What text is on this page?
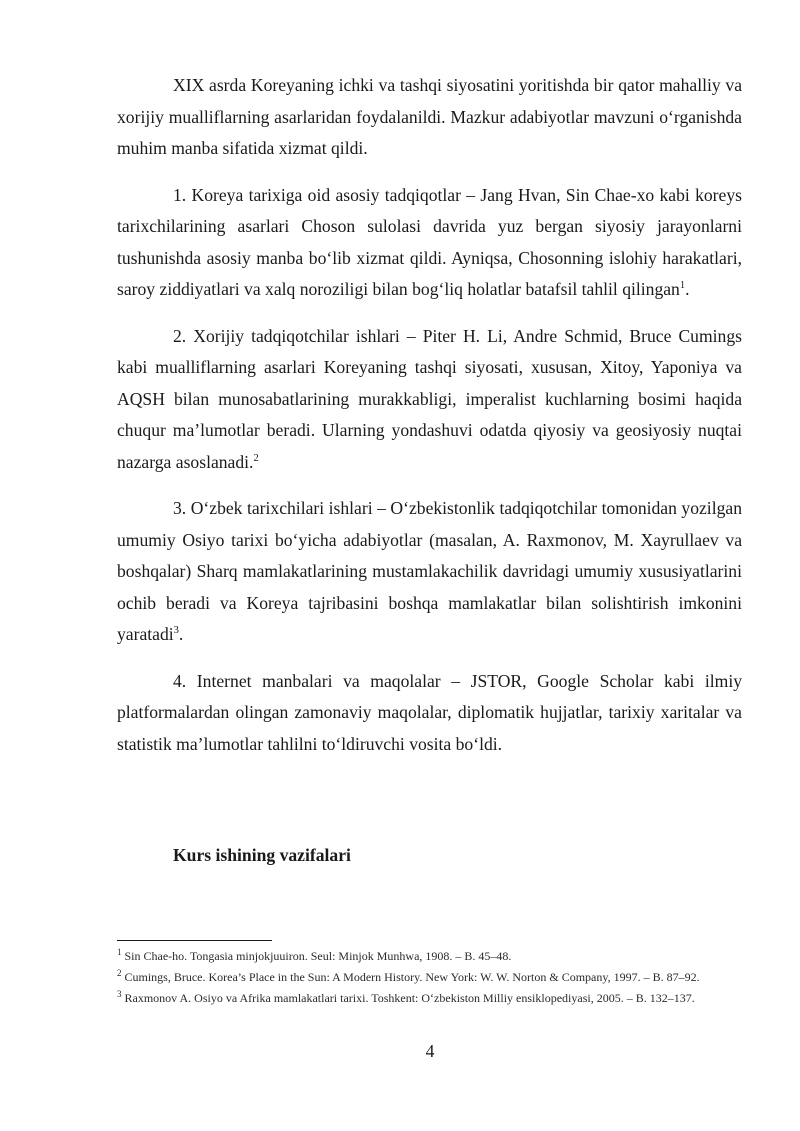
XIX asrda Koreyaning ichki va tashqi siyosatini yoritishda bir qator mahalliy va xorijiy mualliflarning asarlaridan foydalanildi. Mazkur adabiyotlar mavzuni o‘rganishda muhim manba sifatida xizmat qildi.

1. Koreya tarixiga oid asosiy tadqiqotlar – Jang Hvan, Sin Chae-xo kabi koreys tarixchilarining asarlari Choson sulolasi davrida yuz bergan siyosiy jarayonlarni tushunishda asosiy manba bo‘lib xizmat qildi. Ayniqsa, Chosonning islohiy harakatlari, saroy ziddiyatlari va xalq noroziligi bilan bog‘liq holatlar batafsil tahlil qilingan$^1$.

2. Xorijiy tadqiqotchilar ishlari – Piter H. Li, Andre Schmid, Bruce Cumings kabi mualliflarning asarlari Koreyaning tashqi siyosati, xususan, Xitoy, Yaponiya va AQSH bilan munosabatlarining murakkabligi, imperalist kuchlarning bosimi haqida chuqur ma’lumotlar beradi. Ularning yondashuvi odatda qiyosiy va geosiyosiy nuqtai nazarga asoslanadi.$^2$

3. O‘zbek tarixchilari ishlari – O‘zbekistonlik tadqiqotchilar tomonidan yozilgan umumiy Osiyo tarixi bo‘yicha adabiyotlar (masalan, A. Raxmonov, M. Xayrullaev va boshqalar) Sharq mamlakatlarining mustamlakachilik davridagi umumiy xususiyatlarini ochib beradi va Koreya tajribasini boshqa mamlakatlar bilan solishtirish imkonini yaratadi$^3$.

4. Internet manbalari va maqolalar – JSTOR, Google Scholar kabi ilmiy platformalardan olingan zamonaviy maqolalar, diplomatik hujjatlar, tarixiy xaritalar va statistik ma’lumotlar tahlilni to‘ldiruvchi vosita bo‘ldi.

Kurs ishining vazifalari
$^1$ Sin Chae-ho. Tongasia minjokjuuiron. Seul: Minjok Munhwa, 1908. – B. 45–48.
$^2$ Cumings, Bruce. Korea’s Place in the Sun: A Modern History. New York: W. W. Norton & Company, 1997. – B. 87–92.
$^3$ Raxmonov A. Osiyo va Afrika mamlakatlari tarixi. Toshkent: O‘zbekiston Milliy ensiklopediyasi, 2005. – B. 132–137.
4
